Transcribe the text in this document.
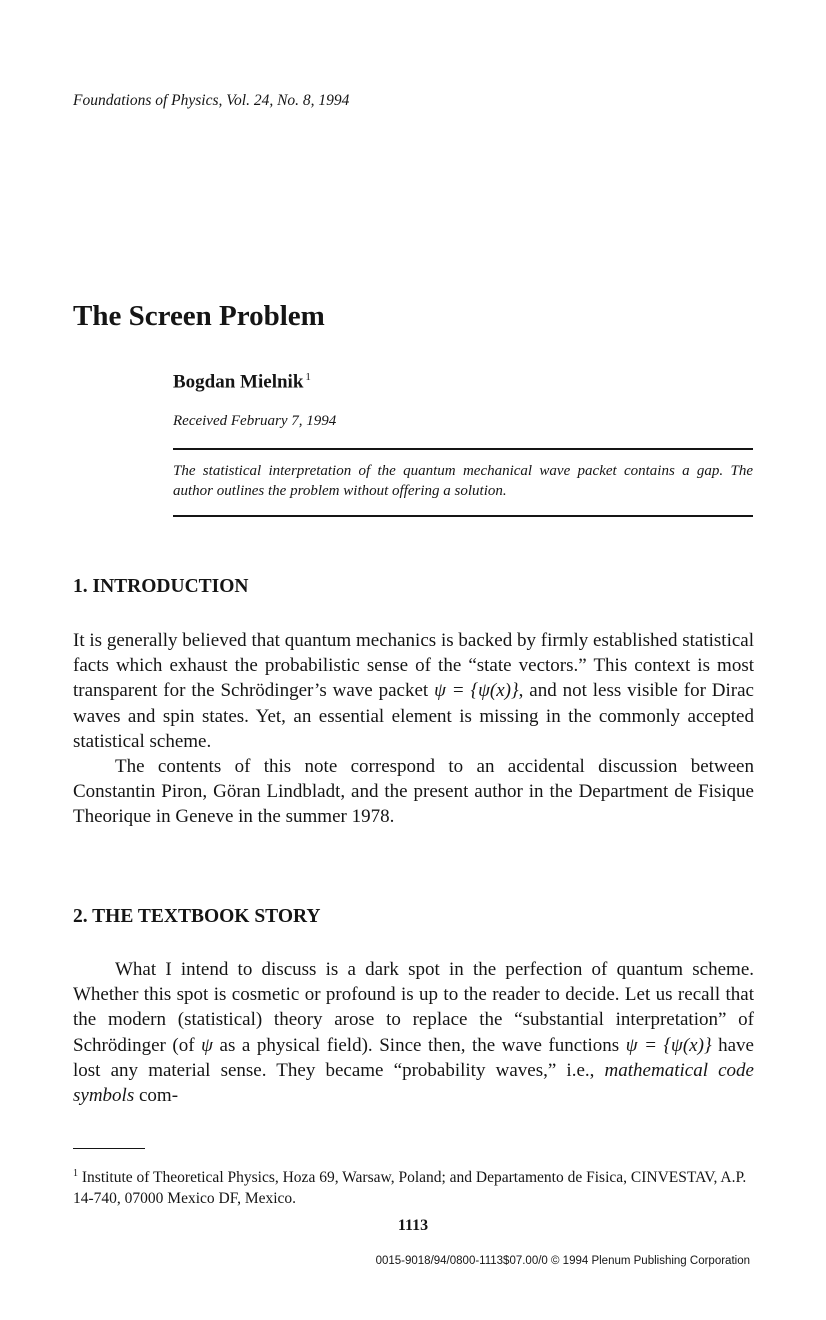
Foundations of Physics, Vol. 24, No. 8, 1994
The Screen Problem
Bogdan Mielnik $^1$
Received February 7, 1994
The statistical interpretation of the quantum mechanical wave packet contains a gap. The author outlines the problem without offering a solution.
1. INTRODUCTION

It is generally believed that quantum mechanics is backed by firmly established statistical facts which exhaust the probabilistic sense of the “state vectors.” This context is most transparent for the Schrödinger’s wave packet ψ = {ψ(x)}, and not less visible for Dirac waves and spin states. Yet, an essential element is missing in the commonly accepted statistical scheme.

The contents of this note correspond to an accidental discussion between Constantin Piron, Göran Lindbladt, and the present author in the Department de Fisique Theorique in Geneve in the summer 1978.

2. THE TEXTBOOK STORY

What I intend to discuss is a dark spot in the perfection of quantum scheme. Whether this spot is cosmetic or profound is up to the reader to decide. Let us recall that the modern (statistical) theory arose to replace the “substantial interpretation” of Schrödinger (of ψ as a physical field). Since then, the wave functions ψ = {ψ(x)} have lost any material sense. They became “probability waves,” i.e., mathematical code symbols com-

$^1$ Institute of Theoretical Physics, Hoza 69, Warsaw, Poland; and Departamento de Fisica, CINVESTAV, A.P. 14-740, 07000 Mexico DF, Mexico.
1113
0015-9018/94/0800-1113$07.00/0 © 1994 Plenum Publishing Corporation
